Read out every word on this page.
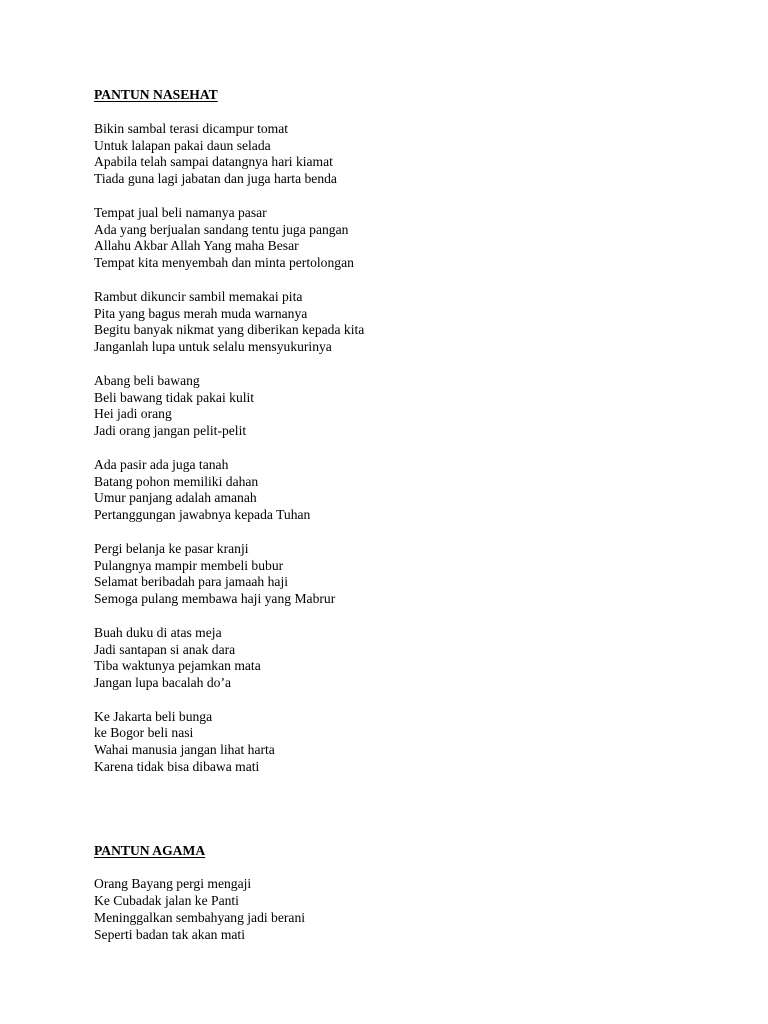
PANTUN NASEHAT
Bikin sambal terasi dicampur tomat
Untuk lalapan pakai daun selada
Apabila telah sampai datangnya hari kiamat
Tiada guna lagi jabatan dan juga harta benda
Tempat jual beli namanya pasar
Ada yang berjualan sandang tentu juga pangan
Allahu Akbar Allah Yang maha Besar
Tempat kita menyembah dan minta pertolongan
Rambut dikuncir sambil memakai pita
Pita yang bagus merah muda warnanya
Begitu banyak nikmat yang diberikan kepada kita
Janganlah lupa untuk selalu mensyukurinya
Abang beli bawang
Beli bawang tidak pakai kulit
Hei jadi orang
Jadi orang jangan pelit-pelit
Ada pasir ada juga tanah
Batang pohon memiliki dahan
Umur panjang adalah amanah
Pertanggungan jawabnya kepada Tuhan
Pergi belanja ke pasar kranji
Pulangnya mampir membeli bubur
Selamat beribadah para jamaah haji
Semoga pulang membawa haji yang Mabrur
Buah duku di atas meja
Jadi santapan si anak dara
Tiba waktunya pejamkan mata
Jangan lupa bacalah do’a
Ke Jakarta beli bunga
ke Bogor beli nasi
Wahai manusia jangan lihat harta
Karena tidak bisa dibawa mati
PANTUN AGAMA
Orang Bayang pergi mengaji
Ke Cubadak jalan ke Panti
Meninggalkan sembahyang jadi berani
Seperti badan tak akan mati
